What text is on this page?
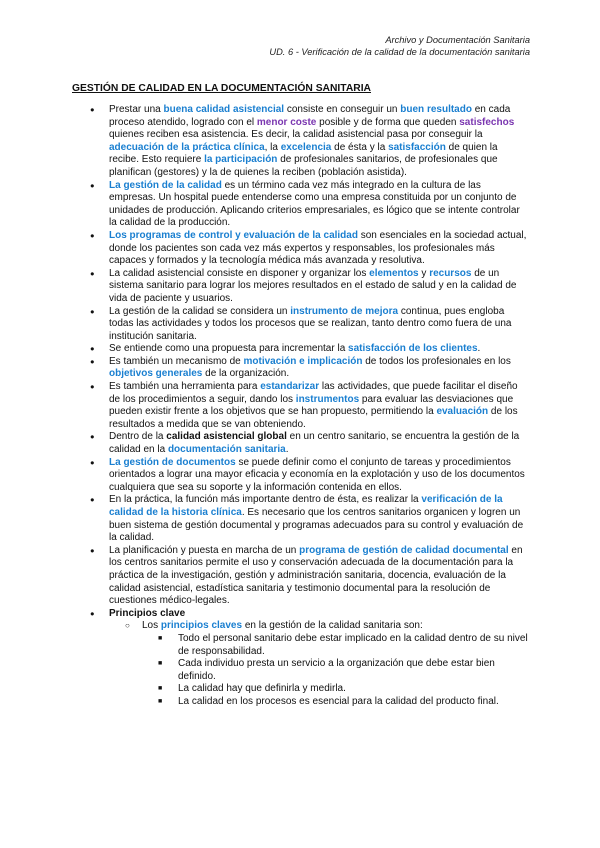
Archivo y Documentación Sanitaria
UD. 6 - Verificación de la calidad de la documentación sanitaria
GESTIÓN DE CALIDAD EN LA DOCUMENTACIÓN SANITARIA
● Prestar una buena calidad asistencial consiste en conseguir un buen resultado en cada proceso atendido, logrado con el menor coste posible y de forma que queden satisfechos quienes reciben esa asistencia. Es decir, la calidad asistencial pasa por conseguir la adecuación de la práctica clínica, la excelencia de ésta y la satisfacción de quien la recibe. Esto requiere la participación de profesionales sanitarios, de profesionales que planifican (gestores) y la de quienes la reciben (población asistida).
● La gestión de la calidad es un término cada vez más integrado en la cultura de las empresas. Un hospital puede entenderse como una empresa constituida por un conjunto de unidades de producción. Aplicando criterios empresariales, es lógico que se intente controlar la calidad de la producción.
● Los programas de control y evaluación de la calidad son esenciales en la sociedad actual, donde los pacientes son cada vez más expertos y responsables, los profesionales más capaces y formados y la tecnología médica más avanzada y resolutiva.
● La calidad asistencial consiste en disponer y organizar los elementos y recursos de un sistema sanitario para lograr los mejores resultados en el estado de salud y en la calidad de vida de paciente y usuarios.
● La gestión de la calidad se considera un instrumento de mejora continua, pues engloba todas las actividades y todos los procesos que se realizan, tanto dentro como fuera de una institución sanitaria.
● Se entiende como una propuesta para incrementar la satisfacción de los clientes.
● Es también un mecanismo de motivación e implicación de todos los profesionales en los objetivos generales de la organización.
● Es también una herramienta para estandarizar las actividades, que puede facilitar el diseño de los procedimientos a seguir, dando los instrumentos para evaluar las desviaciones que pueden existir frente a los objetivos que se han propuesto, permitiendo la evaluación de los resultados a medida que se van obteniendo.
● Dentro de la calidad asistencial global en un centro sanitario, se encuentra la gestión de la calidad en la documentación sanitaria.
● La gestión de documentos se puede definir como el conjunto de tareas y procedimientos orientados a lograr una mayor eficacia y economía en la explotación y uso de los documentos cualquiera que sea su soporte y la información contenida en ellos.
● En la práctica, la función más importante dentro de ésta, es realizar la verificación de la calidad de la historia clínica. Es necesario que los centros sanitarios organicen y logren un buen sistema de gestión documental y programas adecuados para su control y evaluación de la calidad.
● La planificación y puesta en marcha de un programa de gestión de calidad documental en los centros sanitarios permite el uso y conservación adecuada de la documentación para la práctica de la investigación, gestión y administración sanitaria, docencia, evaluación de la calidad asistencial, estadística sanitaria y testimonio documental para la resolución de cuestiones médico-legales.
● Principios clave
○ Los principios claves en la gestión de la calidad sanitaria son:
■ Todo el personal sanitario debe estar implicado en la calidad dentro de su nivel de responsabilidad.
■ Cada individuo presta un servicio a la organización que debe estar bien definido.
■ La calidad hay que definirla y medirla.
■ La calidad en los procesos es esencial para la calidad del producto final.
